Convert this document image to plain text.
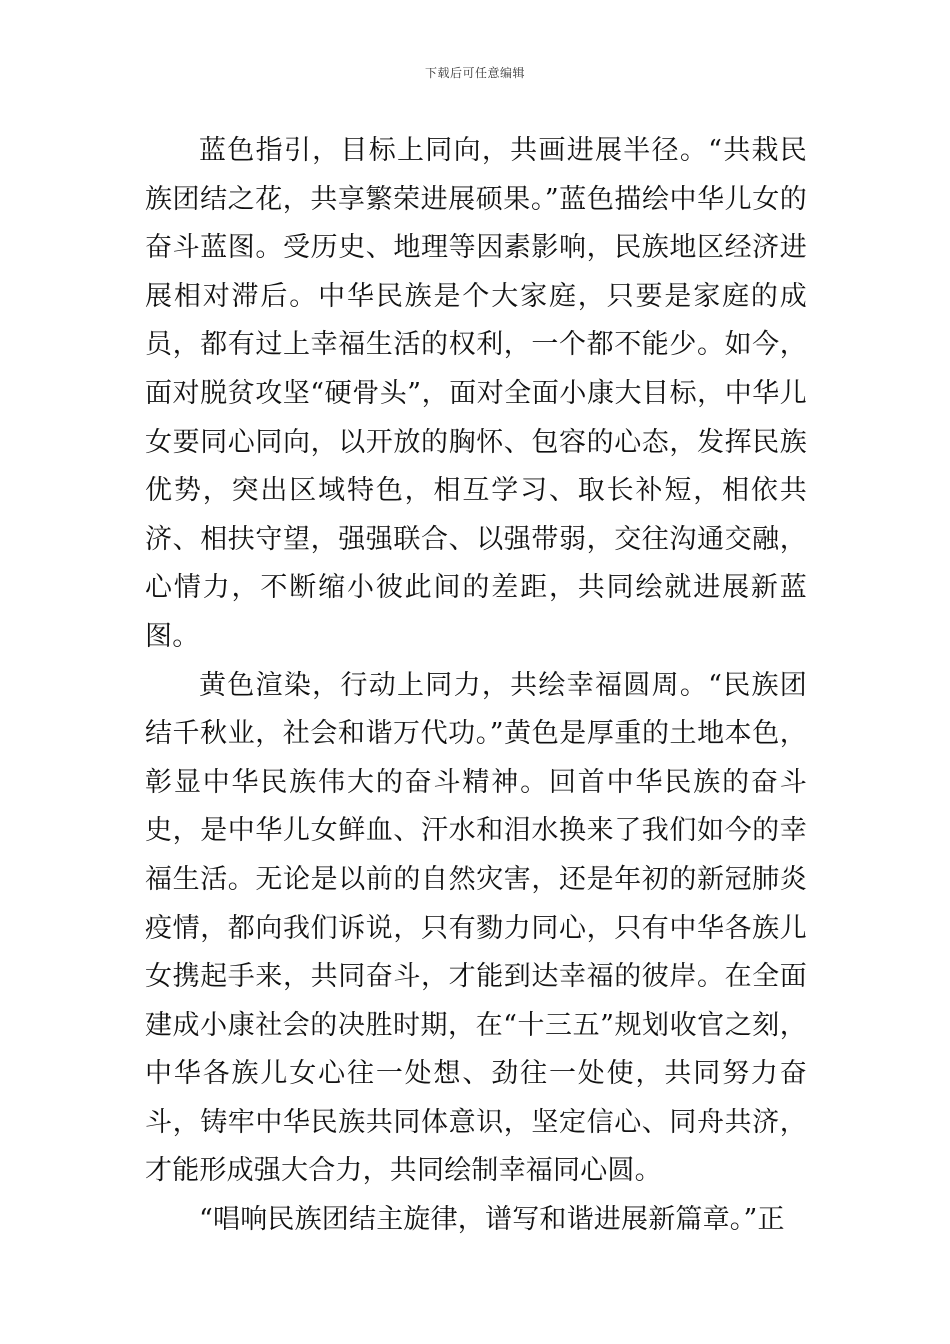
下载后可任意编辑

蓝色指引，目标上同向，共画进展半径。“共栽民族团结之花，共享繁荣进展硕果。”蓝色描绘中华儿女的奋斗蓝图。受历史、地理等因素影响，民族地区经济进展相对滞后。中华民族是个大家庭，只要是家庭的成员，都有过上幸福生活的权利，一个都不能少。如今，面对脱贫攻坚“硬骨头”，面对全面小康大目标，中华儿女要同心同向，以开放的胸怀、包容的心态，发挥民族优势，突出区域特色，相互学习、取长补短，相依共济、相扶守望，强强联合、以强带弱，交往沟通交融，心情力，不断缩小彼此间的差距，共同绘就进展新蓝图。

黄色渲染，行动上同力，共绘幸福圆周。“民族团结千秋业，社会和谐万代功。”黄色是厚重的土地本色，彰显中华民族伟大的奋斗精神。回首中华民族的奋斗史，是中华儿女鲜血、汗水和泪水换来了我们如今的幸福生活。无论是以前的自然灾害，还是年初的新冠肺炎疫情，都向我们诉说，只有勠力同心，只有中华各族儿女携起手来，共同奋斗，才能到达幸福的彼岸。在全面建成小康社会的决胜时期，在“十三五”规划收官之刻，中华各族儿女心往一处想、劲往一处使，共同努力奋斗，铸牢中华民族共同体意识，坚定信心、同舟共济，才能形成强大合力，共同绘制幸福同心圆。

“唱响民族团结主旋律，谱写和谐进展新篇章。”正
